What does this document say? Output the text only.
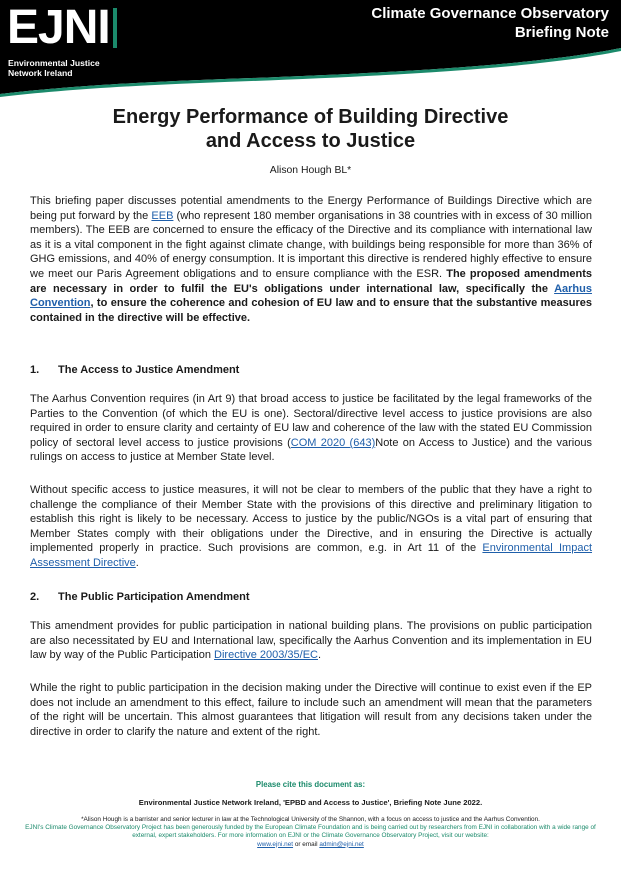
EJNI
Environmental Justice
Network Ireland
Climate Governance Observatory
Briefing Note
Energy Performance of Building Directive
and Access to Justice
Alison Hough BL*
This briefing paper discusses potential amendments to the Energy Performance of Buildings Directive which are being put forward by the EEB (who represent 180 member organisations in 38 countries with in excess of 30 million members). The EEB are concerned to ensure the efficacy of the Directive and its compliance with international law as it is a vital component in the fight against climate change, with buildings being responsible for more than 36% of GHG emissions, and 40% of energy consumption. It is important this directive is rendered highly effective to ensure we meet our Paris Agreement obligations and to ensure compliance with the ESR. The proposed amendments are necessary in order to fulfil the EU's obligations under international law, specifically the Aarhus Convention, to ensure the coherence and cohesion of EU law and to ensure that the substantive measures contained in the directive will be effective.
1. The Access to Justice Amendment
The Aarhus Convention requires (in Art 9) that broad access to justice be facilitated by the legal frameworks of the Parties to the Convention (of which the EU is one). Sectoral/directive level access to justice provisions are also required in order to ensure clarity and certainty of EU law and coherence of the law with the stated EU Commission policy of sectoral level access to justice provisions (COM 2020 (643)Note on Access to Justice) and the various rulings on access to justice at Member State level.
Without specific access to justice measures, it will not be clear to members of the public that they have a right to challenge the compliance of their Member State with the provisions of this directive and preliminary litigation to establish this right is likely to be necessary. Access to justice by the public/NGOs is a vital part of ensuring that Member States comply with their obligations under the Directive, and in ensuring the Directive is actually implemented properly in practice. Such provisions are common, e.g. in Art 11 of the Environmental Impact Assessment Directive.
2. The Public Participation Amendment
This amendment provides for public participation in national building plans. The provisions on public participation are also necessitated by EU and International law, specifically the Aarhus Convention and its implementation in EU law by way of the Public Participation Directive 2003/35/EC.
While the right to public participation in the decision making under the Directive will continue to exist even if the EP does not include an amendment to this effect, failure to include such an amendment will mean that the parameters of the right will be uncertain. This almost guarantees that litigation will result from any decisions taken under the directive in order to clarify the nature and extent of the right.
Please cite this document as:
Environmental Justice Network Ireland, 'EPBD and Access to Justice', Briefing Note June 2022.
*Alison Hough is a barrister and senior lecturer in law at the Technological University of the Shannon, with a focus on access to justice and the Aarhus Convention.
EJNI's Climate Governance Observatory Project has been generously funded by the European Climate Foundation and is being carried out by researchers from EJNI in collaboration with a wide range of external, expert stakeholders. For more information on EJNI or the Climate Governance Observatory Project, visit our website:
www.ejni.net or email admin@ejni.net
